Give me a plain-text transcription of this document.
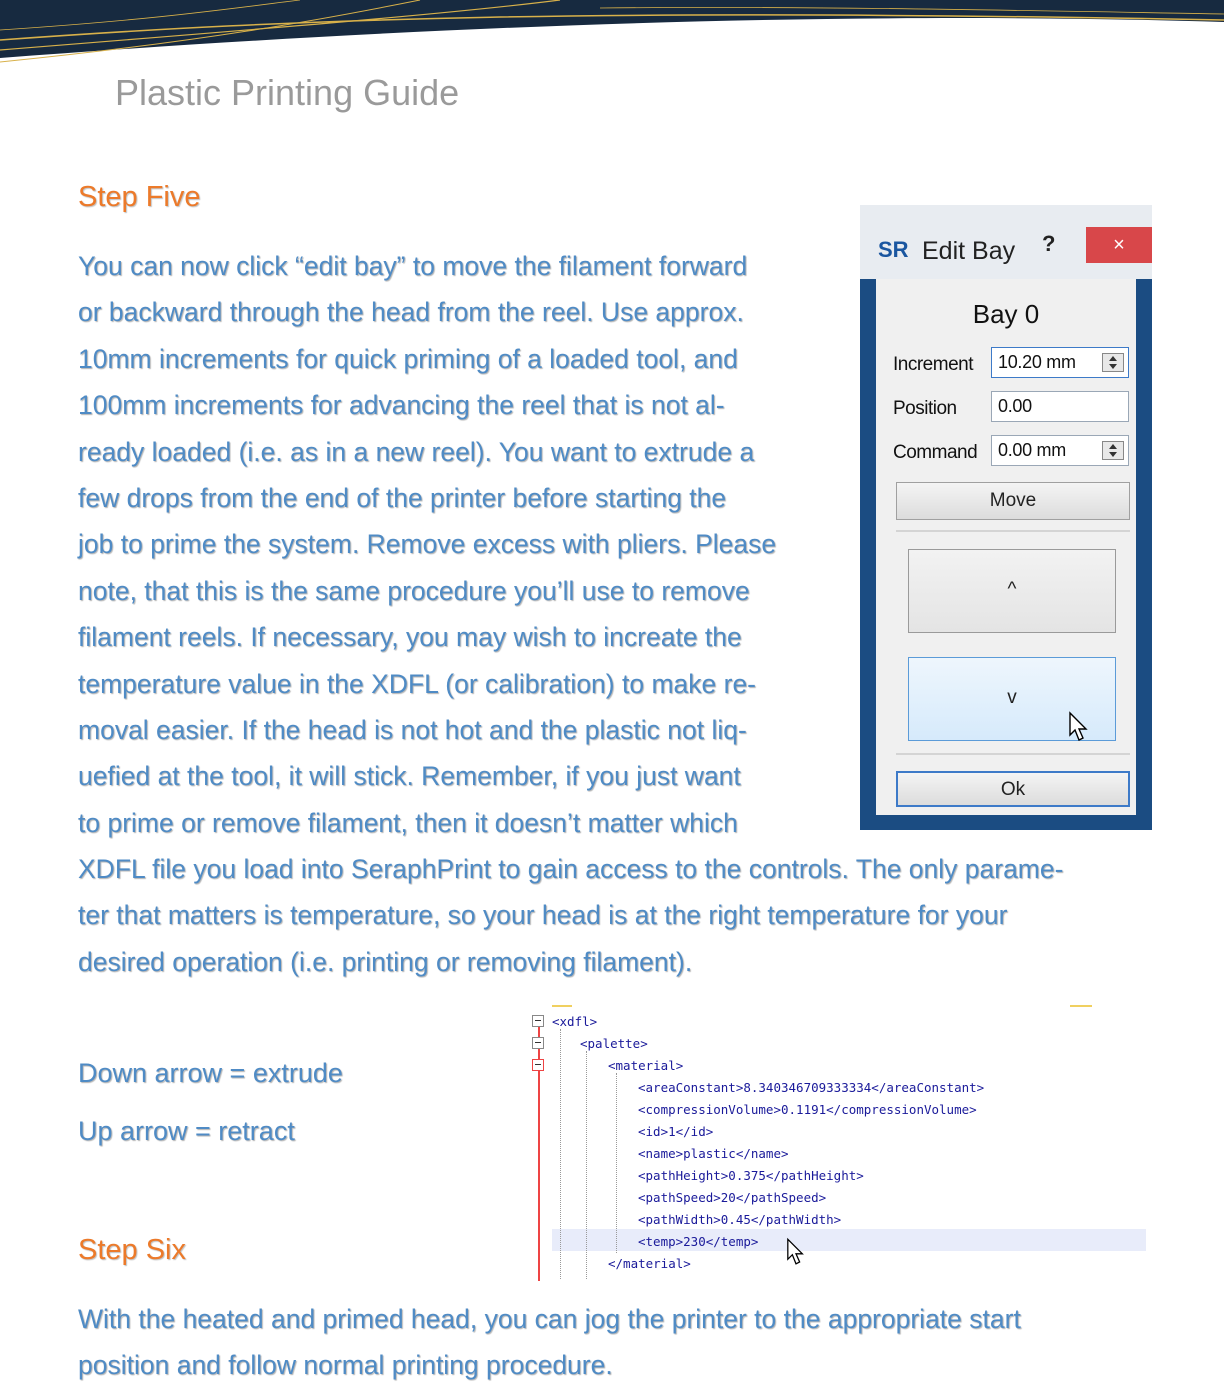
Plastic Printing Guide
Step Five
You can now click “edit bay” to move the filament forward
or backward through the head from the reel. Use approx.
10mm increments for quick priming of a loaded tool, and
100mm increments for advancing the reel that is not al-
ready loaded (i.e. as in a new reel). You want to extrude a
few drops from the end of the printer before starting the
job to prime the system. Remove excess with pliers. Please
note, that this is the same procedure you’ll use to remove
filament reels. If necessary, you may wish to increate the
temperature value in the XDFL (or calibration) to make re-
moval easier. If the head is not hot and the plastic not liq-
uefied at the tool, it will stick. Remember, if you just want
to prime or remove filament, then it doesn’t matter which
XDFL file you load into SeraphPrint to gain access to the controls. The only parame-
ter that matters is temperature, so your head is at the right temperature for your
desired operation (i.e. printing or removing filament).
Down arrow = extrude
Up arrow = retract
Step Six
With the heated and primed head, you can jog the printer to the appropriate start
position and follow normal printing procedure.
SR Edit Bay ?	×
Bay 0
Increment	10.20 mm
Position	0.00
Command	0.00 mm
Move
^
v
Ok
<xdfl>
<palette>
<material>
<areaConstant>8.340346709333334</areaConstant>
<compressionVolume>0.1191</compressionVolume>
<id>1</id>
<name>plastic</name>
<pathHeight>0.375</pathHeight>
<pathSpeed>20</pathSpeed>
<pathWidth>0.45</pathWidth>
<temp>230</temp>
</material>
